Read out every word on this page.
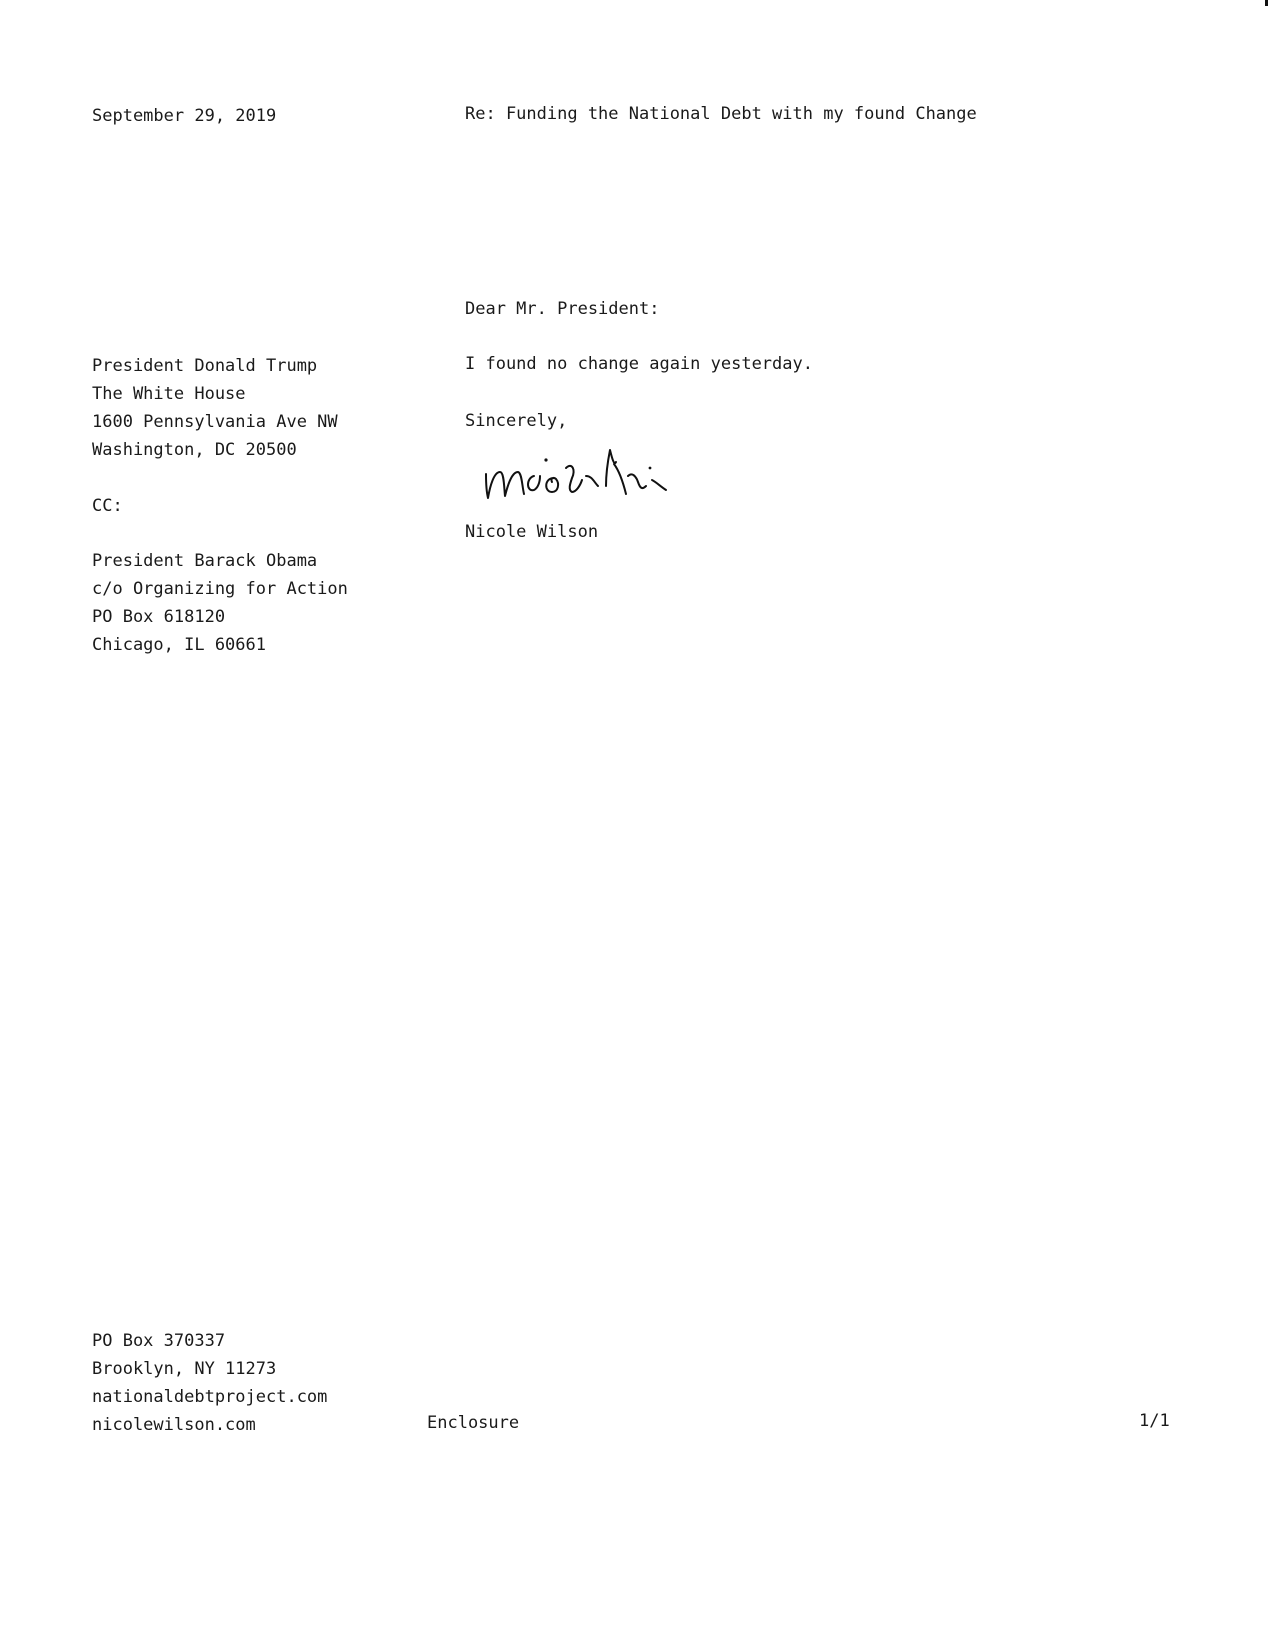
September 29, 2019	Re: Funding the National Debt with my found Change
Dear Mr. President:
President Donald Trump
The White House
1600 Pennsylvania Ave NW
Washington, DC 20500
I found no change again yesterday.
Sincerely,
Nicole Wilson
CC:
President Barack Obama
c/o Organizing for Action
PO Box 618120
Chicago, IL 60661
PO Box 370337
Brooklyn, NY 11273
nationaldebtproject.com
nicolewilson.com	Enclosure	1/1
